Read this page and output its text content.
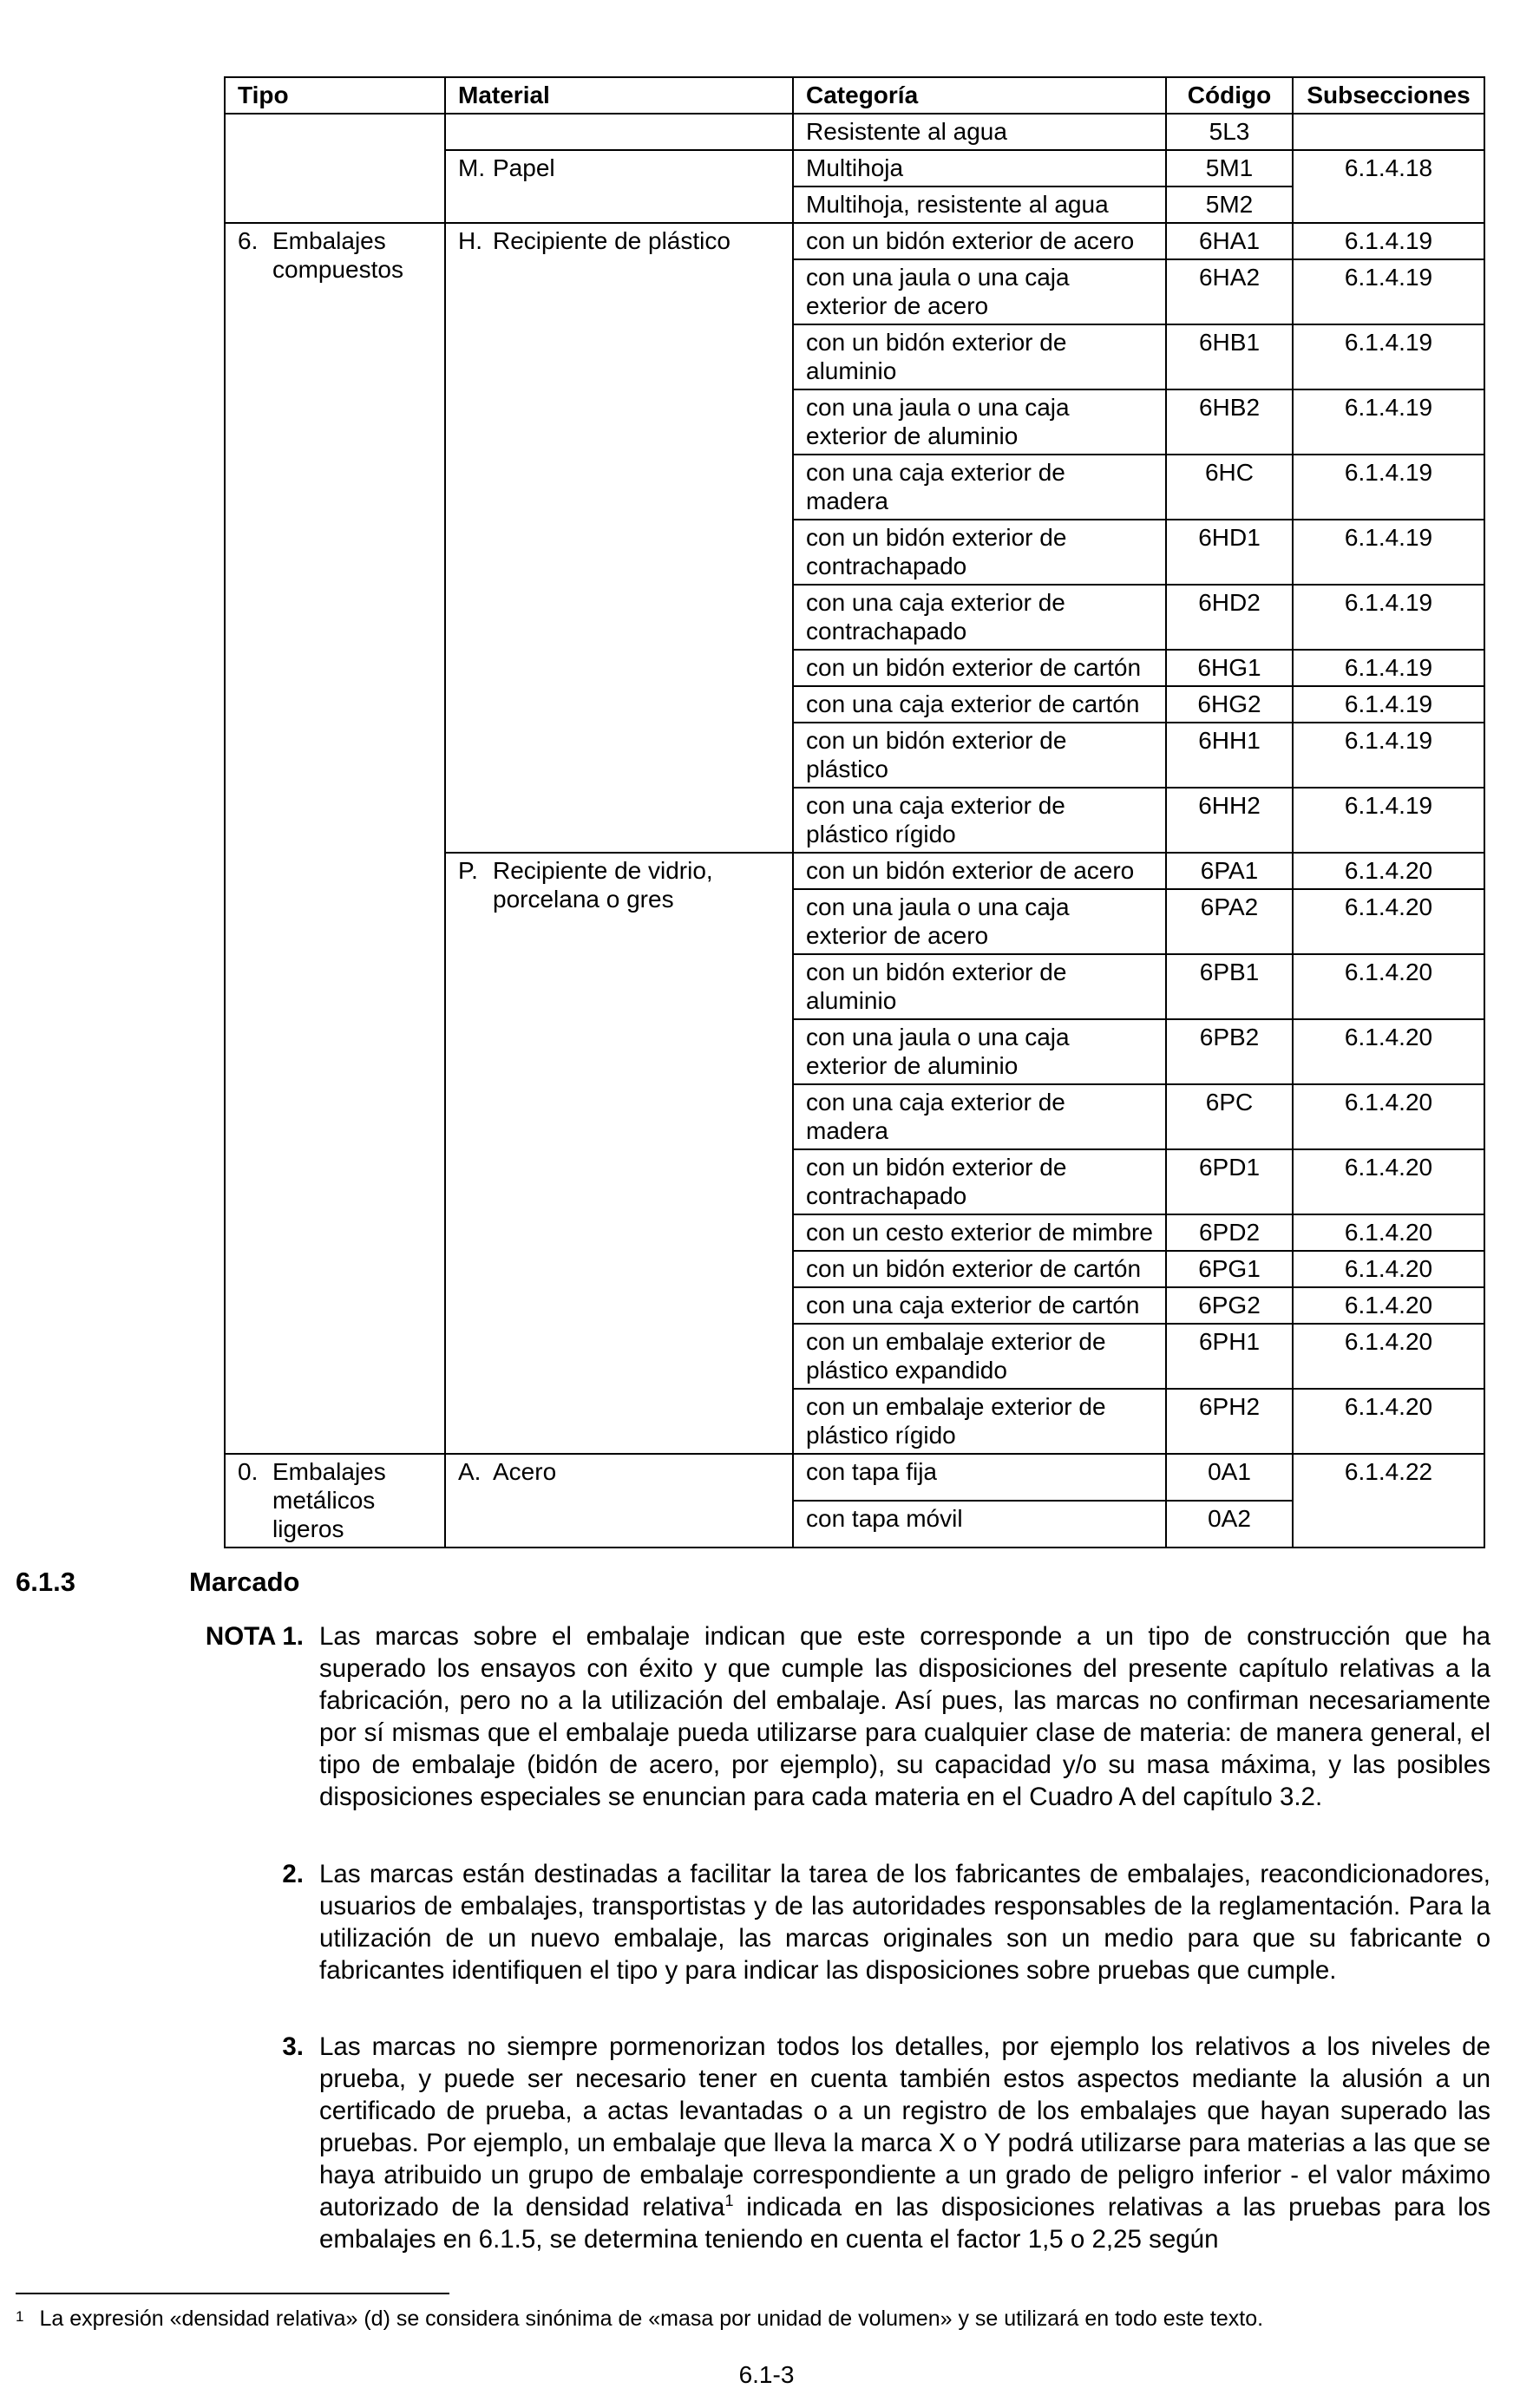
Tipo	Material	Categoría	Código	Subsecciones
		Resistente al agua	5L3	

	M. Papel	Multihoja	5M1	6.1.4.18
		Multihoja, resistente al agua	5M2	

6. Embalajes compuestos	H. Recipiente de plástico	con un bidón exterior de acero	6HA1	6.1.4.19
		con una jaula o una caja exterior de acero	6HA2	6.1.4.19
		con un bidón exterior de aluminio	6HB1	6.1.4.19
		con una jaula o una caja exterior de aluminio	6HB2	6.1.4.19
		con una caja exterior de madera	6HC	6.1.4.19
		con un bidón exterior de contrachapado	6HD1	6.1.4.19
		con una caja exterior de contrachapado	6HD2	6.1.4.19
		con un bidón exterior de cartón	6HG1	6.1.4.19
		con una caja exterior de cartón	6HG2	6.1.4.19
		con un bidón exterior de plástico	6HH1	6.1.4.19
		con una caja exterior de plástico rígido	6HH2	6.1.4.19

	P. Recipiente de vidrio, porcelana o gres	con un bidón exterior de acero	6PA1	6.1.4.20
		con una jaula o una caja exterior de acero	6PA2	6.1.4.20
		con un bidón exterior de aluminio	6PB1	6.1.4.20
		con una jaula o una caja exterior de aluminio	6PB2	6.1.4.20
		con una caja exterior de madera	6PC	6.1.4.20
		con un bidón exterior de contrachapado	6PD1	6.1.4.20
		con un cesto exterior de mimbre	6PD2	6.1.4.20
		con un bidón exterior de cartón	6PG1	6.1.4.20
		con una caja exterior de cartón	6PG2	6.1.4.20
		con un embalaje exterior de plástico expandido	6PH1	6.1.4.20
		con un embalaje exterior de plástico rígido	6PH2	6.1.4.20

0. Embalajes metálicos ligeros	A. Acero	con tapa fija	0A1	6.1.4.22
		con tapa móvil	0A2	
6.1.3	Marcado
NOTA 1. Las marcas sobre el embalaje indican que este corresponde a un tipo de construcción que ha superado los ensayos con éxito y que cumple las disposiciones del presente capítulo relativas a la fabricación, pero no a la utilización del embalaje. Así pues, las marcas no confirman necesariamente por sí mismas que el embalaje pueda utilizarse para cualquier clase de materia: de manera general, el tipo de embalaje (bidón de acero, por ejemplo), su capacidad y/o su masa máxima, y las posibles disposiciones especiales se enuncian para cada materia en el Cuadro A del capítulo 3.2.
2. Las marcas están destinadas a facilitar la tarea de los fabricantes de embalajes, reacondicionadores, usuarios de embalajes, transportistas y de las autoridades responsables de la reglamentación. Para la utilización de un nuevo embalaje, las marcas originales son un medio para que su fabricante o fabricantes identifiquen el tipo y para indicar las disposiciones sobre pruebas que cumple.
3. Las marcas no siempre pormenorizan todos los detalles, por ejemplo los relativos a los niveles de prueba, y puede ser necesario tener en cuenta también estos aspectos mediante la alusión a un certificado de prueba, a actas levantadas o a un registro de los embalajes que hayan superado las pruebas. Por ejemplo, un embalaje que lleva la marca X o Y podrá utilizarse para materias a las que se haya atribuido un grupo de embalaje correspondiente a un grado de peligro inferior - el valor máximo autorizado de la densidad relativa$^1$ indicada en las disposiciones relativas a las pruebas para los embalajes en 6.1.5, se determina teniendo en cuenta el factor 1,5 o 2,25 según
$^1$ La expresión «densidad relativa» (d) se considera sinónima de «masa por unidad de volumen» y se utilizará en todo este texto.
6.1-3
